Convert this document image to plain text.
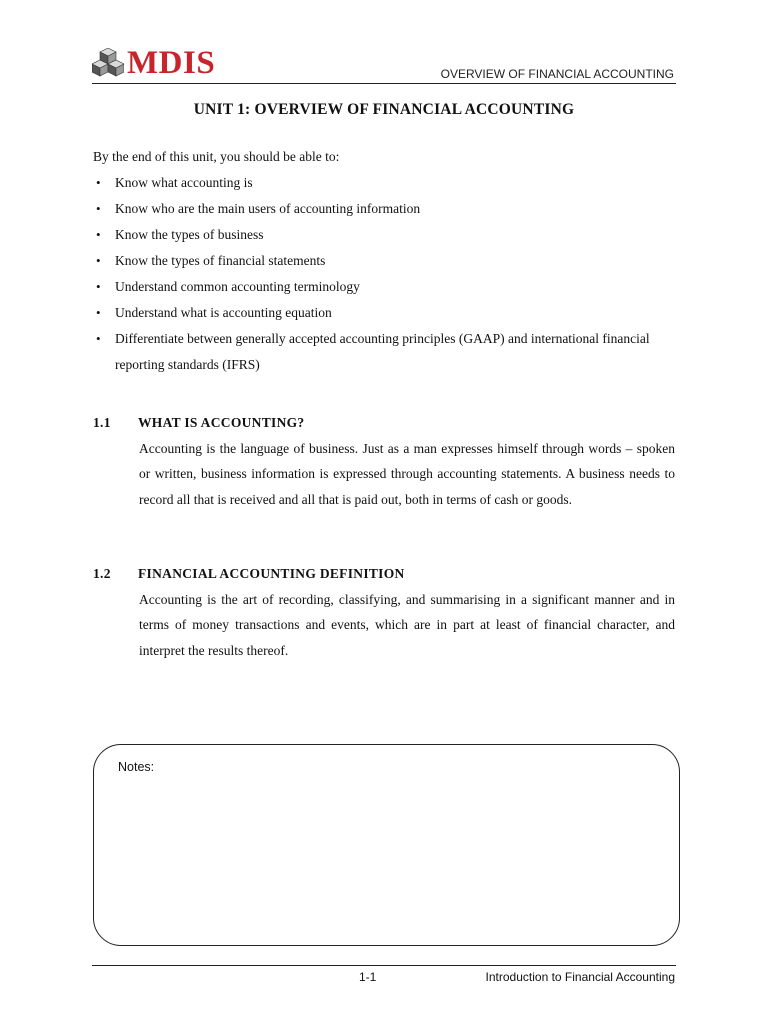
MDIS	OVERVIEW OF FINANCIAL ACCOUNTING
UNIT 1: OVERVIEW OF FINANCIAL ACCOUNTING
By the end of this unit, you should be able to:
• Know what accounting is
• Know who are the main users of accounting information
• Know the types of business
• Know the types of financial statements
• Understand common accounting terminology
• Understand what is accounting equation
• Differentiate between generally accepted accounting principles (GAAP) and international financial reporting standards (IFRS)
1.1 WHAT IS ACCOUNTING?
Accounting is the language of business. Just as a man expresses himself through words – spoken or written, business information is expressed through accounting statements. A business needs to record all that is received and all that is paid out, both in terms of cash or goods.
1.2 FINANCIAL ACCOUNTING DEFINITION
Accounting is the art of recording, classifying, and summarising in a significant manner and in terms of money transactions and events, which are in part at least of financial character, and interpret the results thereof.
Notes:
1-1	Introduction to Financial Accounting
